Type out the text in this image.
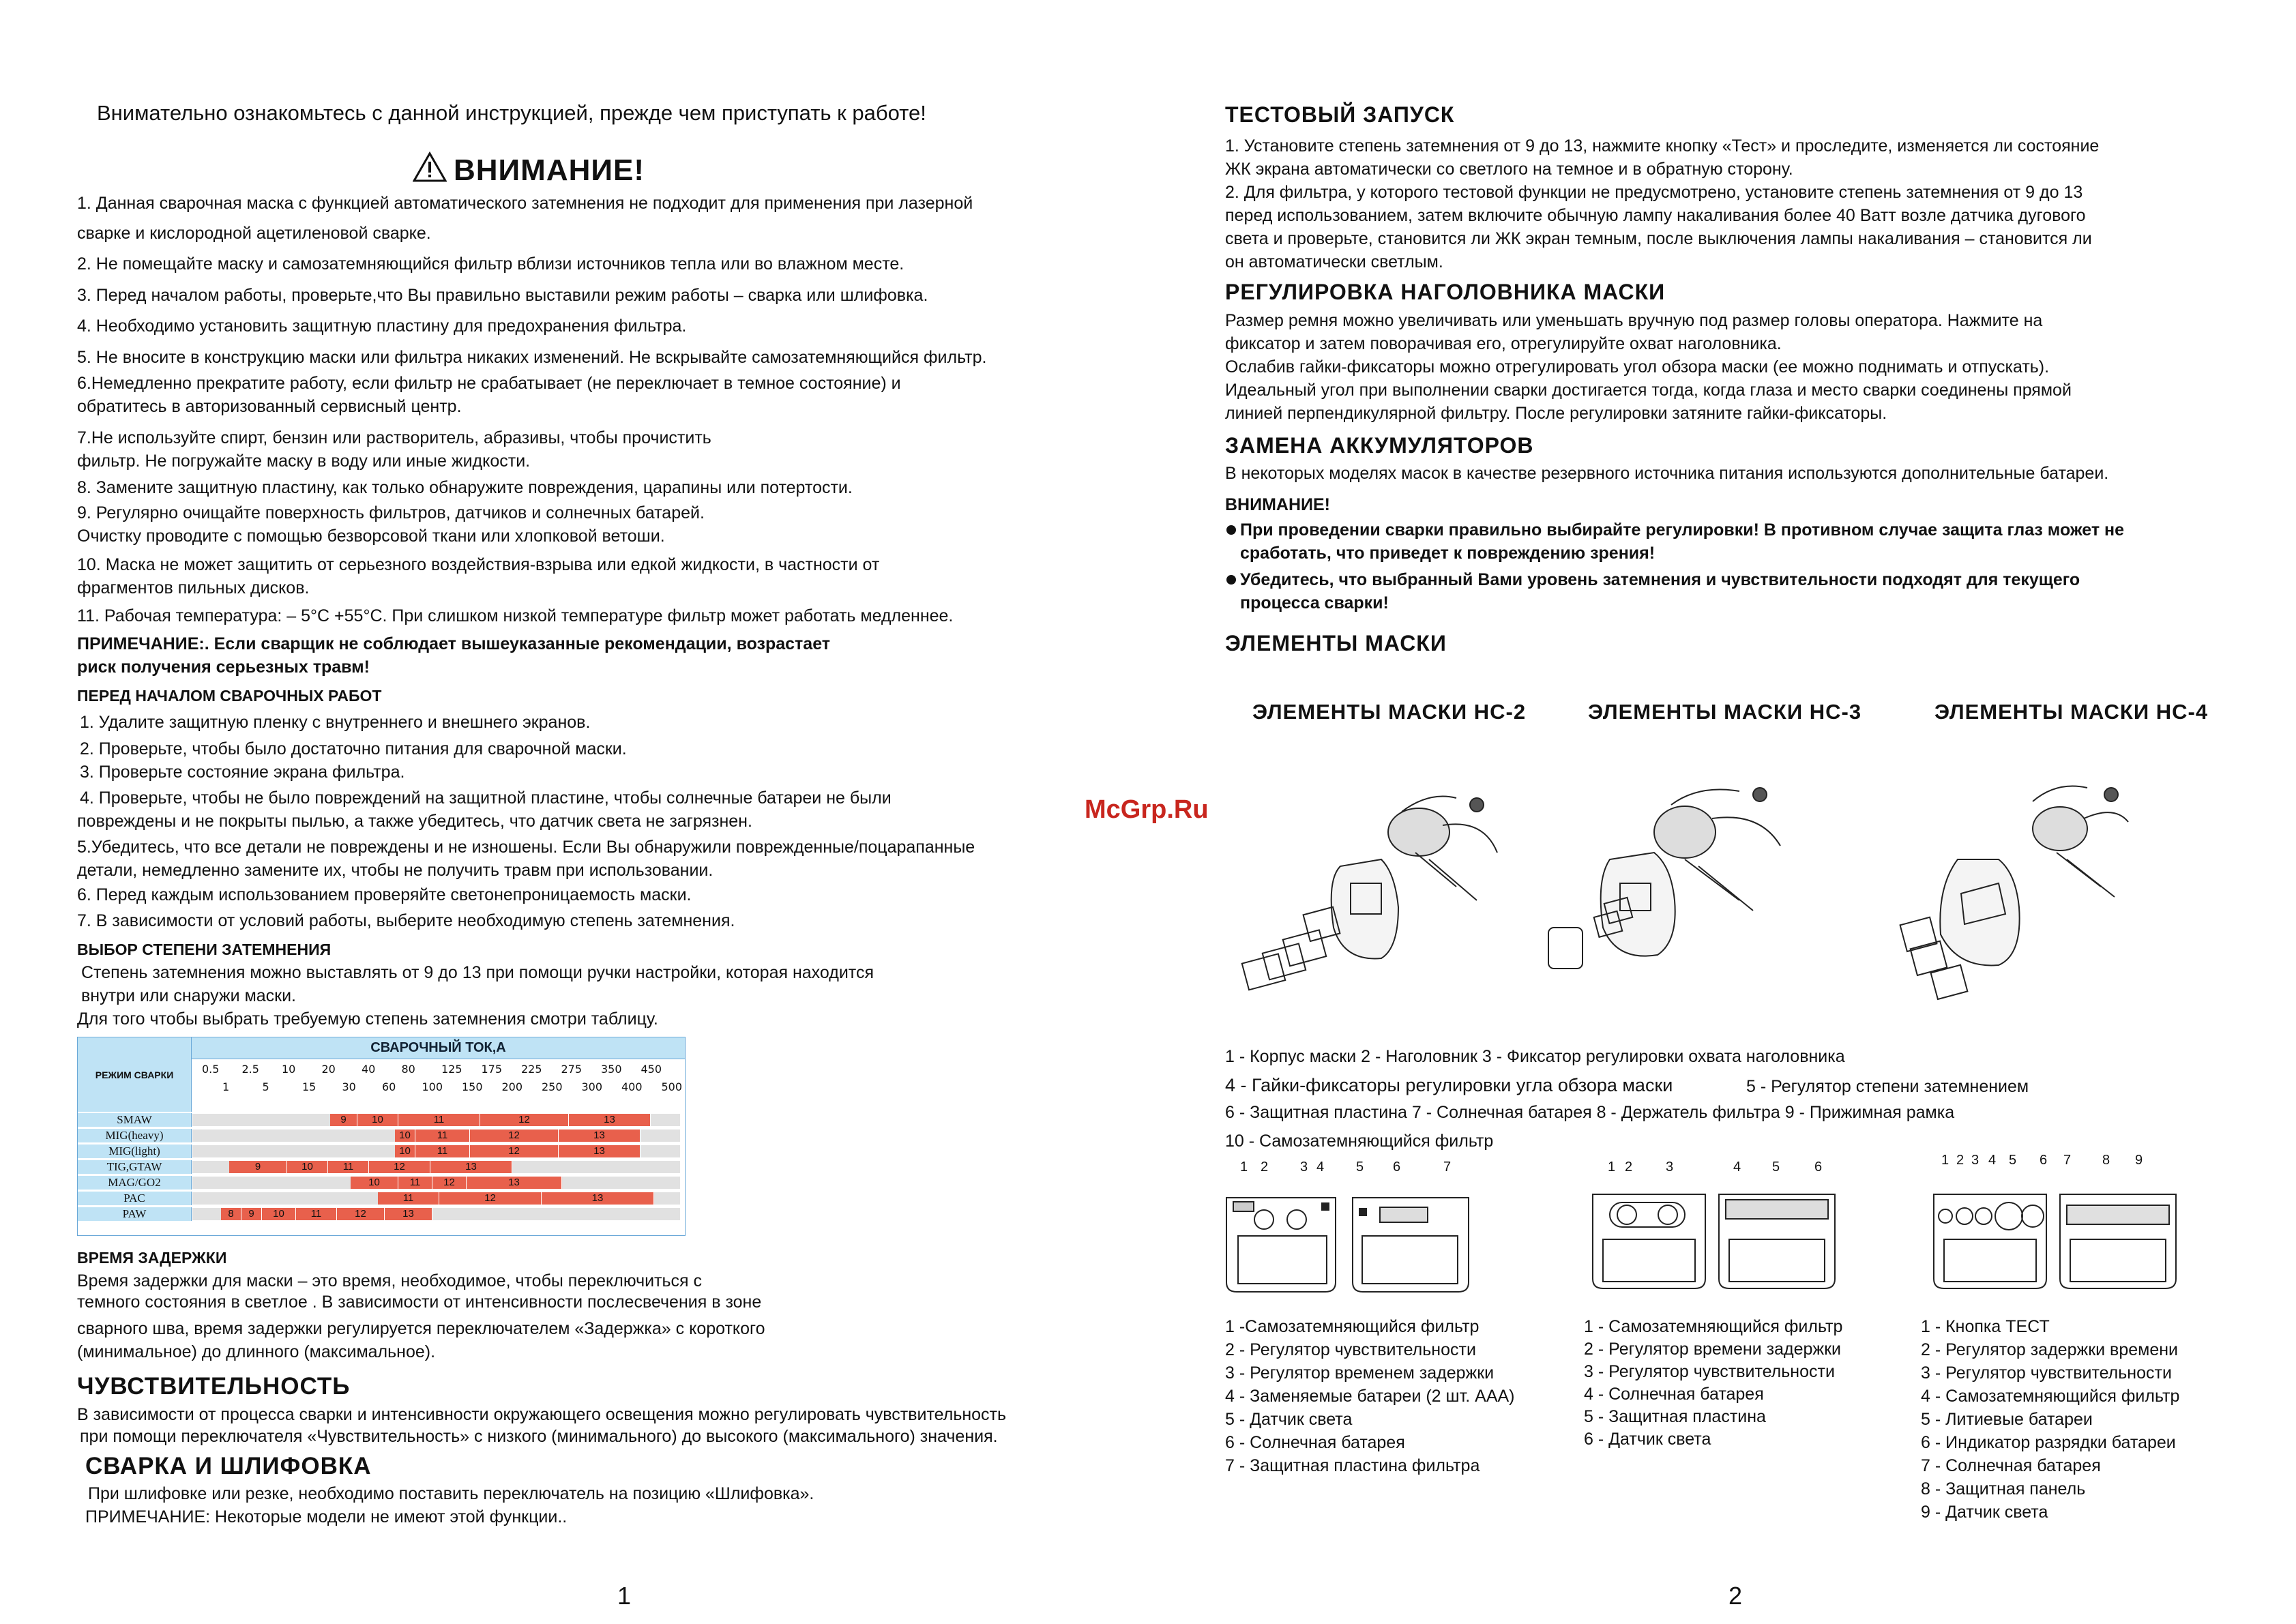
Внимательно ознакомьтесь с данной инструкцией, прежде чем приступать к работе!
ВНИМАНИЕ!
1. Данная сварочная маска с функцией автоматического затемнения не подходит для применения при лазерной
сварке и кислородной ацетиленовой сварке.
2. Не помещайте маску и самозатемняющийся фильтр вблизи источников тепла или во влажном месте.
3. Перед началом работы, проверьте,что Вы правильно выставили режим работы – сварка или шлифовка.
4. Необходимо установить защитную пластину для предохранения фильтра.
5. Не вносите в конструкцию маски или фильтра никаких изменений. Не вскрывайте самозатемняющийся фильтр.
6.Немедленно прекратите работу, если фильтр не срабатывает (не переключает в темное состояние) и
обратитесь в авторизованный сервисный центр.
7.Не используйте спирт, бензин или растворитель, абразивы, чтобы прочистить
фильтр. Не погружайте маску в воду или иные жидкости.
8. Замените защитную пластину, как только обнаружите повреждения, царапины или потертости.
9. Регулярно очищайте поверхность фильтров, датчиков и солнечных батарей.
Очистку проводите с помощью безворсовой ткани или хлопковой ветоши.
10. Маска не может защитить от серьезного воздействия-взрыва или едкой жидкости, в частности от
фрагментов пильных дисков.
11. Рабочая температура: – 5°C +55°C. При слишком низкой температуре фильтр может работать медленнее.
ПРИМЕЧАНИЕ:. Если сварщик не соблюдает вышеуказанные рекомендации, возрастает
риск получения серьезных травм!
ПЕРЕД НАЧАЛОМ СВАРОЧНЫХ РАБОТ
1. Удалите защитную пленку с внутреннего и внешнего экранов.
2. Проверьте, чтобы было достаточно питания для сварочной маски.
3. Проверьте состояние экрана фильтра.
4. Проверьте, чтобы не было повреждений на защитной пластине, чтобы солнечные батареи не были
повреждены и не покрыты пылью, а также убедитесь, что датчик света не загрязнен.
5.Убедитесь, что все детали не повреждены и не изношены. Если Вы обнаружили поврежденные/поцарапанные
детали, немедленно замените их, чтобы не получить травм при использовании.
6. Перед каждым использованием проверяйте светонепроницаемость маски.
7. В зависимости от условий работы, выберите необходимую степень затемнения.
ВЫБОР СТЕПЕНИ ЗАТЕМНЕНИЯ
Степень затемнения можно выставлять от 9 до 13 при помощи ручки настройки, которая находится
внутри или снаружи маски.
Для того чтобы выбрать требуемую степень затемнения смотри таблицу.
РЕЖИМ СВАРКИ
СВАРОЧНЫЙ ТОК,А
0.5 2.5 10 20 40 80 125 175 225 275 350 450
1	5	15 30 60 100 150 200 250 300 400 500
SMAW	9	10	11	12	13
MIG(heavy)	10	11	12	13
MIG(light)	10	11	12	13
TIG,GTAW	9	10	11	12	13
MAG/GO2	10	11	12	13
PAC	11	12	13
PAW	8	9	10	11	12	13
ВРЕМЯ ЗАДЕРЖКИ
Время задержки для маски – это время, необходимое, чтобы переключиться с
темного состояния в светлое . В зависимости от интенсивности послесвечения в зоне
сварного шва, время задержки регулируется переключателем «Задержка» с короткого
(минимальное) до длинного (максимальное).
ЧУВСТВИТЕЛЬНОСТЬ
В зависимости от процесса сварки и интенсивности окружающего освещения можно регулировать чувствительность
при помощи переключателя «Чувствительность» с низкого (минимального) до высокого (максимального) значения.
СВАРКА И ШЛИФОВКА
При шлифовке или резке, необходимо поставить переключатель на позицию «Шлифовка».
ПРИМЕЧАНИЕ: Некоторые модели не имеют этой функции..
1
ТЕСТОВЫЙ ЗАПУСК
1. Установите степень затемнения от 9 до 13, нажмите кнопку «Тест» и проследите, изменяется ли состояние
ЖК экрана автоматически со светлого на темное и в обратную сторону.
2. Для фильтра, у которого тестовой функции не предусмотрено, установите степень затемнения от 9 до 13
перед использованием, затем включите обычную лампу накаливания более 40 Ватт возле датчика дугового
света и проверьте, становится ли ЖК экран темным, после выключения лампы накаливания – становится ли
он автоматически светлым.
РЕГУЛИРОВКА НАГОЛОВНИКА МАСКИ
Размер ремня можно увеличивать или уменьшать вручную под размер головы оператора. Нажмите на
фиксатор и затем поворачивая его, отрегулируйте охват наголовника.
Ослабив гайки-фиксаторы можно отрегулировать угол обзора маски (ее можно поднимать и отпускать).
Идеальный угол при выполнении сварки достигается тогда, когда глаза и место сварки соединены прямой
линией перпендикулярной фильтру. После регулировки затяните гайки-фиксаторы.
ЗАМЕНА АККУМУЛЯТОРОВ
В некоторых моделях масок в качестве резервного источника питания используются дополнительные батареи.
ВНИМАНИЕ!
При проведении сварки правильно выбирайте регулировки! В противном случае защита глаз может не
сработать, что приведет к повреждению зрения!
Убедитесь, что выбранный Вами уровень затемнения и чувствительности подходят для текущего
процесса сварки!
ЭЛЕМЕНТЫ МАСКИ
ЭЛЕМЕНТЫ МАСКИ HC-2	ЭЛЕМЕНТЫ МАСКИ HC-3	ЭЛЕМЕНТЫ МАСКИ HC-4
McGrp.Ru
1 - Корпус маски 2 - Наголовник 3 - Фиксатор регулировки охвата наголовника
4 - Гайки-фиксаторы регулировки угла обзора маски	5 - Регулятор степени затемнением
6 - Защитная пластина 7 - Солнечная батарея 8 - Держатель фильтра 9 - Прижимная рамка
10 - Самозатемняющийся фильтр
1 2 3 4 5 6	7	1 2 3	4 5	6	1 2 3 4 5 6 7 8 9
1 -Самозатемняющийся фильтр
2 - Регулятор чувствительности
3 - Регулятор временем задержки
4 - Заменяемые батареи (2 шт. ААА)
5 - Датчик света
6 - Солнечная батарея
7 - Защитная пластина фильтра
1 - Самозатемняющийся фильтр
2 - Регулятор времени задержки
3 - Регулятор чувствительности
4 - Солнечная батарея
5 - Защитная пластина
6 - Датчик света
1 - Кнопка ТЕСТ
2 - Регулятор задержки времени
3 - Регулятор чувствительности
4 - Самозатемняющийся фильтр
5 - Литиевые батареи
6 - Индикатор разрядки батареи
7 - Солнечная батарея
8 - Защитная панель
9 - Датчик света
2
